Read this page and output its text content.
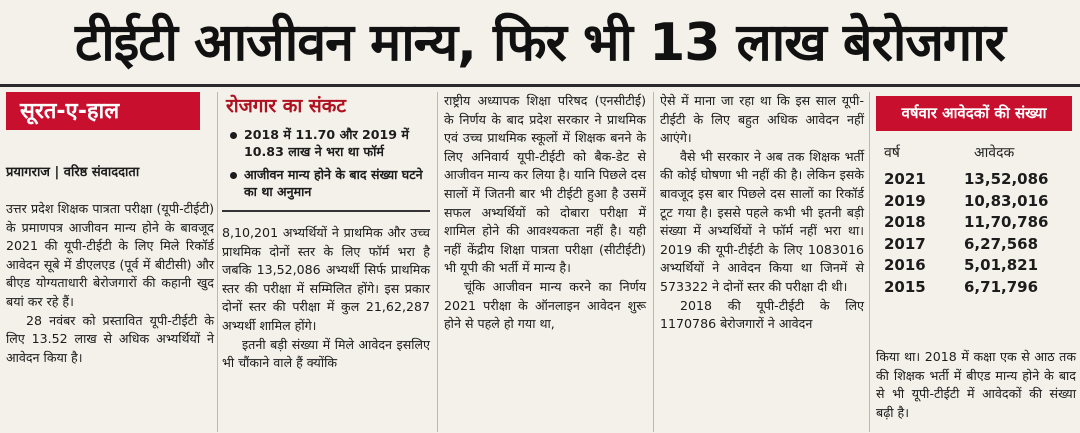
टीईटी आजीवन मान्य, फिर भी 13 लाख बेरोजगार
सूरत-ए-हाल
प्रयागराज | वरिष्ठ संवाददाता

उत्तर प्रदेश शिक्षक पात्रता परीक्षा (यूपी-टीईटी) के प्रमाणपत्र आजीवन मान्य होने के बावजूद 2021 की यूपी-टीईटी के लिए मिले रिकॉर्ड आवेदन सूबे में डीएलएड (पूर्व में बीटीसी) और बीएड योग्यताधारी बेरोजगारों की कहानी खुद बयां कर रहे हैं।

28 नवंबर को प्रस्तावित यूपी-टीईटी के लिए 13.52 लाख से अधिक अभ्यर्थियों ने आवेदन किया है।

रोजगार का संकट
2018 में 11.70 और 2019 में 10.83 लाख ने भरा था फॉर्म
आजीवन मान्य होने के बाद संख्या घटने का था अनुमान

8,10,201 अभ्यर्थियों ने प्राथमिक और उच्च प्राथमिक दोनों स्तर के लिए फॉर्म भरा है जबकि 13,52,086 अभ्यर्थी सिर्फ प्राथमिक स्तर की परीक्षा में सम्मिलित होंगे। इस प्रकार दोनों स्तर की परीक्षा में कुल 21,62,287 अभ्यर्थी शामिल होंगे।

इतनी बड़ी संख्या में मिले आवेदन इसलिए भी चौंकाने वाले हैं क्योंकि

राष्ट्रीय अध्यापक शिक्षा परिषद (एनसीटीई) के निर्णय के बाद प्रदेश सरकार ने प्राथमिक एवं उच्च प्राथमिक स्कूलों में शिक्षक बनने के लिए अनिवार्य यूपी-टीईटी को बैक-डेट से आजीवन मान्य कर लिया है। यानि पिछले दस सालों में जितनी बार भी टीईटी हुआ है उसमें सफल अभ्यर्थियों को दोबारा परीक्षा में शामिल होने की आवश्यकता नहीं है। यही नहीं केंद्रीय शिक्षा पात्रता परीक्षा (सीटीईटी) भी यूपी की भर्ती में मान्य है।

चूंकि आजीवन मान्य करने का निर्णय 2021 परीक्षा के ऑनलाइन आवेदन शुरू होने से पहले हो गया था,

ऐसे में माना जा रहा था कि इस साल यूपी-टीईटी के लिए बहुत अधिक आवेदन नहीं आएंगे।

वैसे भी सरकार ने अब तक शिक्षक भर्ती की कोई घोषणा भी नहीं की है। लेकिन इसके बावजूद इस बार पिछले दस सालों का रिकॉर्ड टूट गया है। इससे पहले कभी भी इतनी बड़ी संख्या में अभ्यर्थियों ने फॉर्म नहीं भरा था। 2019 की यूपी-टीईटी के लिए 1083016 अभ्यर्थियों ने आवेदन किया था जिनमें से 573322 ने दोनों स्तर की परीक्षा दी थी।

2018 की यूपी-टीईटी के लिए 1170786 बेरोजगारों ने आवेदन

वर्षवार आवेदकों की संख्या
वर्ष	आवेदक
2021	13,52,086
2019	10,83,016
2018	11,70,786
2017	6,27,568
2016	5,01,821
2015	6,71,796

किया था। 2018 में कक्षा एक से आठ तक की शिक्षक भर्ती में बीएड मान्य होने के बाद से भी यूपी-टीईटी में आवेदकों की संख्या बढ़ी है।
